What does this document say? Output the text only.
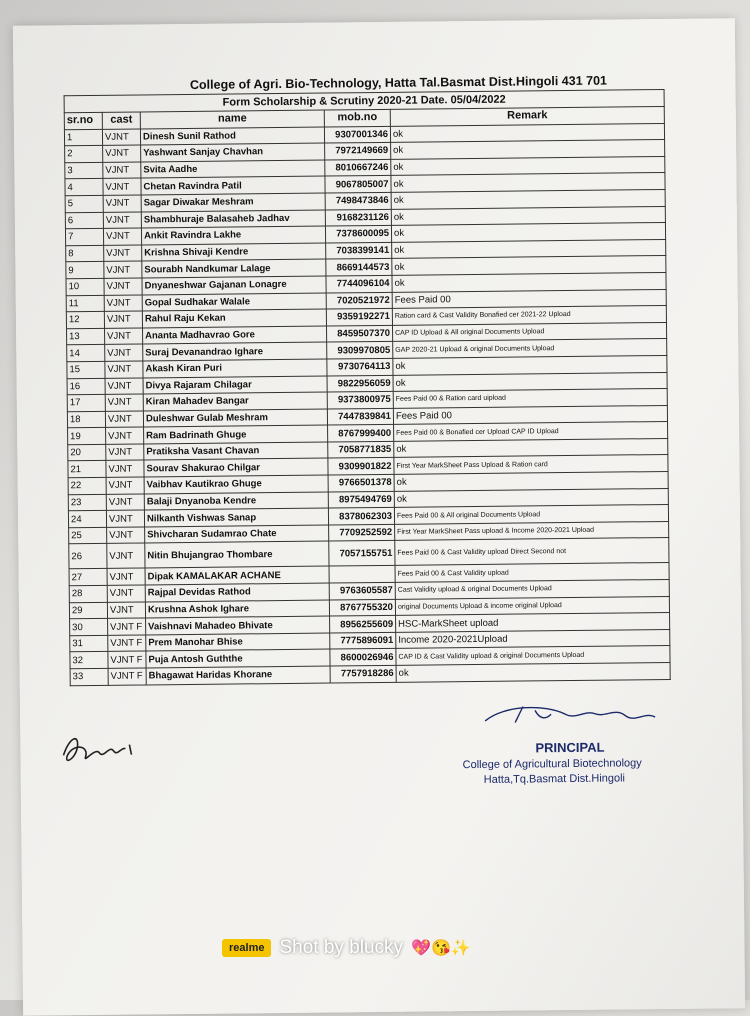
College of Agri. Bio-Technology, Hatta Tal.Basmat Dist.Hingoli 431 701
Form Scholarship & Scrutiny 2020-21 Date. 05/04/2022				
sr.no	cast	name	mob.no	Remark
1	VJNT	Dinesh Sunil Rathod	9307001346	ok
2	VJNT	Yashwant Sanjay Chavhan	7972149669	ok
3	VJNT	Svita Aadhe	8010667246	ok
4	VJNT	Chetan Ravindra Patil	9067805007	ok
5	VJNT	Sagar Diwakar Meshram	7498473846	ok
6	VJNT	Shambhuraje Balasaheb Jadhav	9168231126	ok
7	VJNT	Ankit Ravindra Lakhe	7378600095	ok
8	VJNT	Krishna Shivaji Kendre	7038399141	ok
9	VJNT	Sourabh Nandkumar Lalage	8669144573	ok
10	VJNT	Dnyaneshwar Gajanan Lonagre	7744096104	ok
11	VJNT	Gopal Sudhakar Walale	7020521972	Fees Paid 00
12	VJNT	Rahul Raju Kekan	9359192271	Ration card & Cast Validity Bonafied cer 2021-22 Upload
13	VJNT	Ananta Madhavrao Gore	8459507370	CAP ID Upload & All original Documents Upload
14	VJNT	Suraj Devanandrao Ighare	9309970805	GAP 2020-21 Upload & original Documents Upload
15	VJNT	Akash Kiran Puri	9730764113	ok
16	VJNT	Divya Rajaram Chilagar	9822956059	ok
17	VJNT	Kiran Mahadev Bangar	9373800975	Fees Paid 00 & Ration card uipload
18	VJNT	Duleshwar Gulab Meshram	7447839841	Fees Paid 00
19	VJNT	Ram Badrinath Ghuge	8767999400	Fees Paid 00 & Bonafied cer Upload CAP ID Upload
20	VJNT	Pratiksha Vasant Chavan	7058771835	ok
21	VJNT	Sourav Shakurao Chilgar	9309901822	First Year MarkSheet Pass Upload & Ration card
22	VJNT	Vaibhav Kautikrao Ghuge	9766501378	ok
23	VJNT	Balaji Dnyanoba Kendre	8975494769	ok
24	VJNT	Nilkanth Vishwas Sanap	8378062303	Fees Paid 00 & All original Documents Upload
25	VJNT	Shivcharan Sudamrao Chate	7709252592	First Year MarkSheet Pass upload & Income 2020-2021 Upload
26	VJNT	Nitin Bhujangrao Thombare	7057155751	Fees Paid 00 & Cast Validity upload Direct Second not
27	VJNT	Dipak KAMALAKAR ACHANE		Fees Paid 00 & Cast Validity upload
28	VJNT	Rajpal Devidas Rathod	9763605587	Cast Validity upload & original Documents Upload
29	VJNT	Krushna Ashok Ighare	8767755320	original Documents Upload & income original Upload
30	VJNT F	Vaishnavi Mahadeo Bhivate	8956255609	HSC-MarkSheet upload
31	VJNT F	Prem Manohar Bhise	7775896091	Income 2020-2021Upload
32	VJNT F	Puja Antosh Guththe	8600026946	CAP ID & Cast Validity upload & original Documents Upload
33	VJNT F	Bhagawat Haridas Khorane	7757918286	ok
PRINCIPAL
College of Agricultural Biotechnology
Hatta,Tq.Basmat Dist.Hingoli
realme Shot by blucky 💖😘✨
